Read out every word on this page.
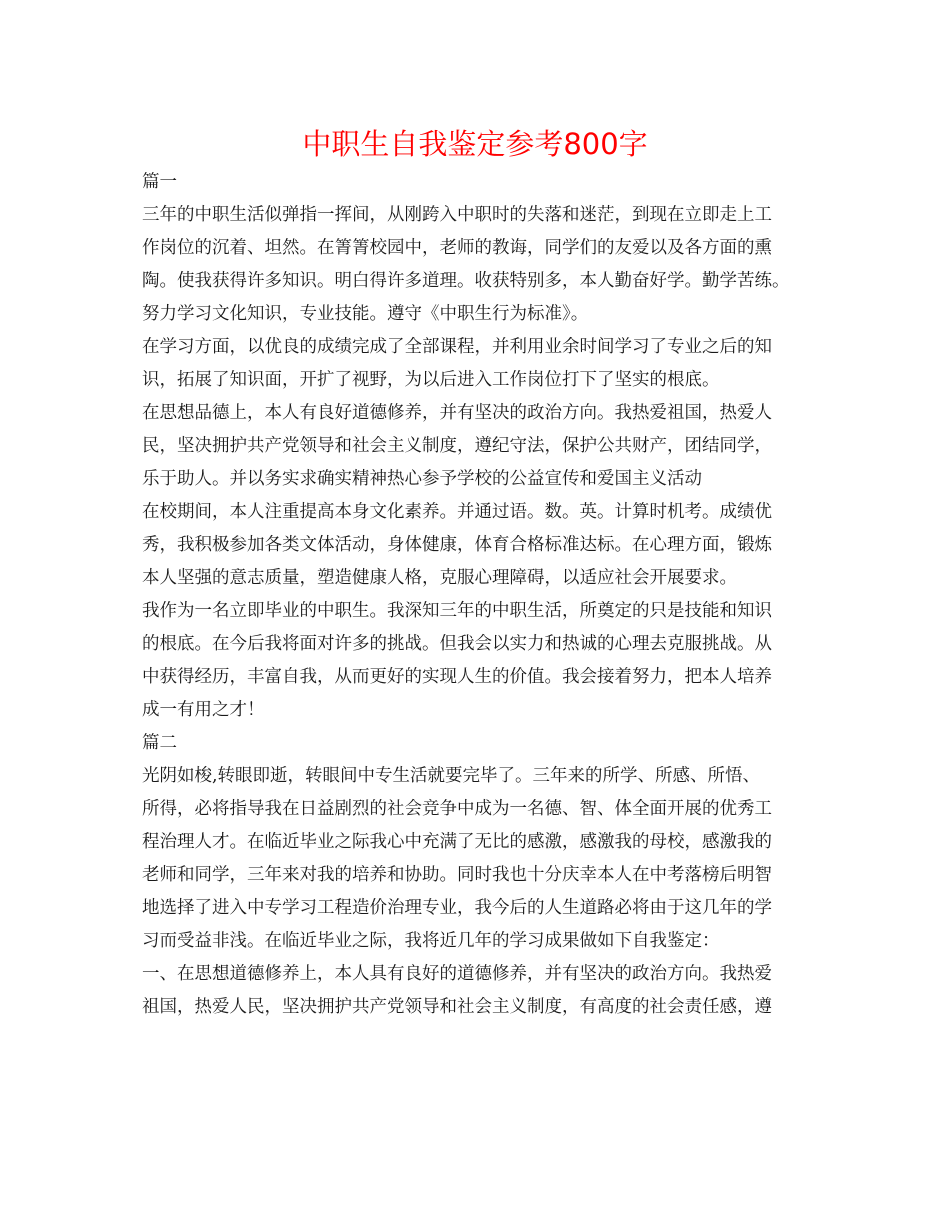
中职生自我鉴定参考800字
篇一
三年的中职生活似弹指一挥间，从刚跨入中职时的失落和迷茫，到现在立即走上工
作岗位的沉着、坦然。在箐箐校园中，老师的教诲，同学们的友爱以及各方面的熏
陶。使我获得许多知识。明白得许多道理。收获特别多，本人勤奋好学。勤学苦练。
努力学习文化知识，专业技能。遵守《中职生行为标准》。
在学习方面，以优良的成绩完成了全部课程，并利用业余时间学习了专业之后的知
识，拓展了知识面，开扩了视野，为以后进入工作岗位打下了坚实的根底。
在思想品德上，本人有良好道德修养，并有坚决的政治方向。我热爱祖国，热爱人
民，坚决拥护共产党领导和社会主义制度，遵纪守法，保护公共财产，团结同学，
乐于助人。并以务实求确实精神热心参予学校的公益宣传和爱国主义活动
在校期间，本人注重提高本身文化素养。并通过语。数。英。计算时机考。成绩优
秀，我积极参加各类文体活动，身体健康，体育合格标准达标。在心理方面，锻炼
本人坚强的意志质量，塑造健康人格，克服心理障碍，以适应社会开展要求。
我作为一名立即毕业的中职生。我深知三年的中职生活，所奠定的只是技能和知识
的根底。在今后我将面对许多的挑战。但我会以实力和热诚的心理去克服挑战。从
中获得经历，丰富自我，从而更好的实现人生的价值。我会接着努力，把本人培养
成一有用之才！
篇二
光阴如梭,转眼即逝，转眼间中专生活就要完毕了。三年来的所学、所感、所悟、
所得，必将指导我在日益剧烈的社会竞争中成为一名德、智、体全面开展的优秀工
程治理人才。在临近毕业之际我心中充满了无比的感激，感激我的母校，感激我的
老师和同学，三年来对我的培养和协助。同时我也十分庆幸本人在中考落榜后明智
地选择了进入中专学习工程造价治理专业，我今后的人生道路必将由于这几年的学
习而受益非浅。在临近毕业之际，我将近几年的学习成果做如下自我鉴定：
一、在思想道德修养上，本人具有良好的道德修养，并有坚决的政治方向。我热爱
祖国，热爱人民，坚决拥护共产党领导和社会主义制度，有高度的社会责任感，遵
